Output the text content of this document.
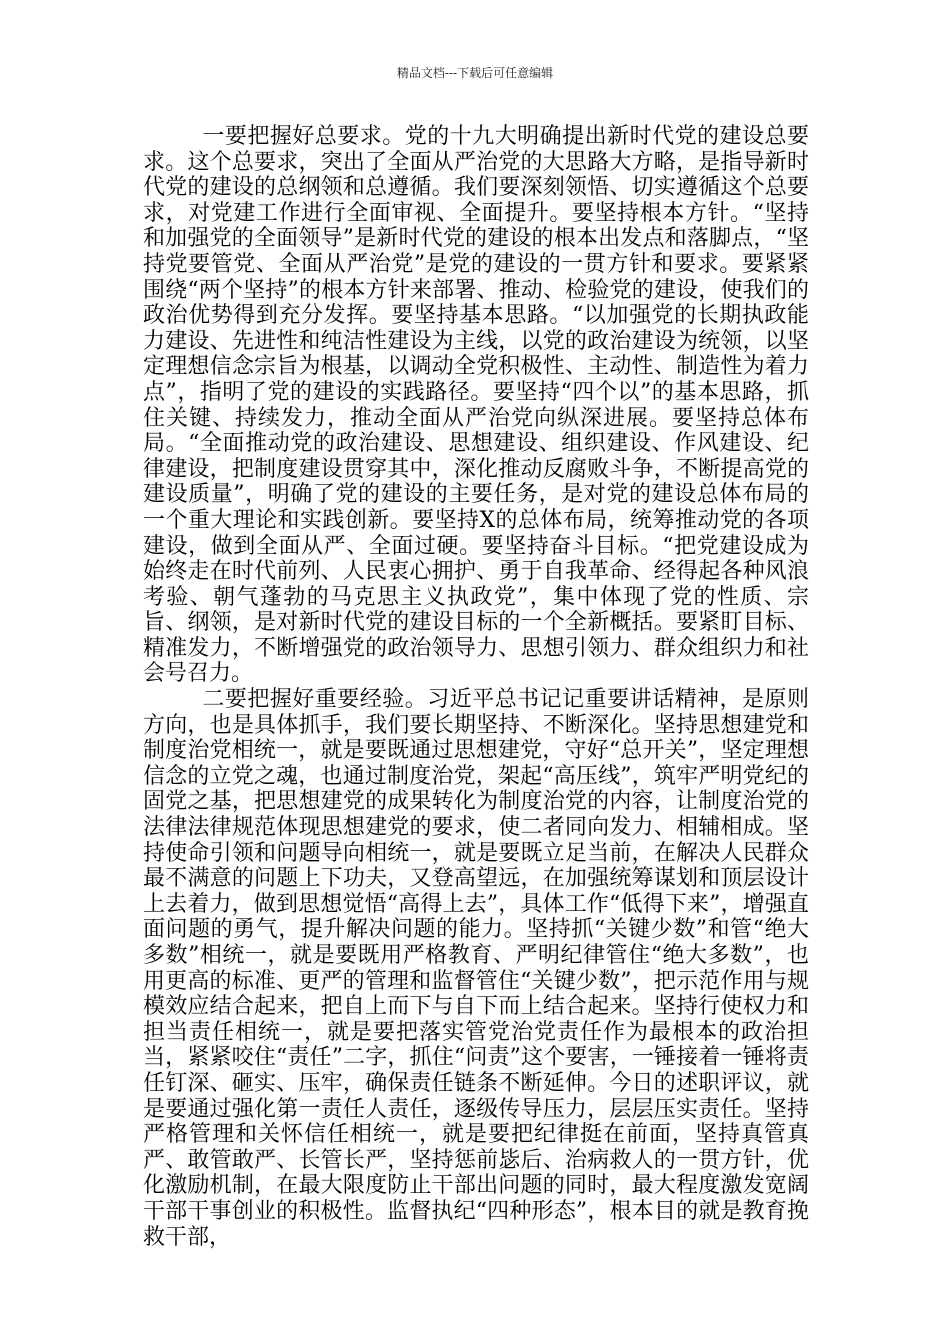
精品文档---下载后可任意编辑

一要把握好总要求。党的十九大明确提出新时代党的建设总要求。这个总要求，突出了全面从严治党的大思路大方略，是指导新时代党的建设的总纲领和总遵循。我们要深刻领悟、切实遵循这个总要求，对党建工作进行全面审视、全面提升。要坚持根本方针。“坚持和加强党的全面领导”是新时代党的建设的根本出发点和落脚点，“坚持党要管党、全面从严治党”是党的建设的一贯方针和要求。要紧紧围绕“两个坚持”的根本方针来部署、推动、检验党的建设，使我们的政治优势得到充分发挥。要坚持基本思路。“以加强党的长期执政能力建设、先进性和纯洁性建设为主线，以党的政治建设为统领，以坚定理想信念宗旨为根基，以调动全党积极性、主动性、制造性为着力点”，指明了党的建设的实践路径。要坚持“四个以”的基本思路，抓住关键、持续发力，推动全面从严治党向纵深进展。要坚持总体布局。“全面推动党的政治建设、思想建设、组织建设、作风建设、纪律建设，把制度建设贯穿其中，深化推动反腐败斗争，不断提高党的建设质量”，明确了党的建设的主要任务，是对党的建设总体布局的一个重大理论和实践创新。要坚持X的总体布局，统筹推动党的各项建设，做到全面从严、全面过硬。要坚持奋斗目标。“把党建设成为始终走在时代前列、人民衷心拥护、勇于自我革命、经得起各种风浪考验、朝气蓬勃的马克思主义执政党”，集中体现了党的性质、宗旨、纲领，是对新时代党的建设目标的一个全新概括。要紧盯目标、精准发力，不断增强党的政治领导力、思想引领力、群众组织力和社会号召力。

二要把握好重要经验。习近平总书记记重要讲话精神，是原则方向，也是具体抓手，我们要长期坚持、不断深化。坚持思想建党和制度治党相统一，就是要既通过思想建党，守好“总开关”，坚定理想信念的立党之魂，也通过制度治党，架起“高压线”，筑牢严明党纪的固党之基，把思想建党的成果转化为制度治党的内容，让制度治党的法律法律规范体现思想建党的要求，使二者同向发力、相辅相成。坚持使命引领和问题导向相统一，就是要既立足当前，在解决人民群众最不满意的问题上下功夫，又登高望远，在加强统筹谋划和顶层设计上去着力，做到思想觉悟“高得上去”，具体工作“低得下来”，增强直面问题的勇气，提升解决问题的能力。坚持抓“关键少数”和管“绝大多数”相统一，就是要既用严格教育、严明纪律管住“绝大多数”，也用更高的标准、更严的管理和监督管住“关键少数”，把示范作用与规模效应结合起来，把自上而下与自下而上结合起来。坚持行使权力和担当责任相统一，就是要把落实管党治党责任作为最根本的政治担当，紧紧咬住“责任”二字，抓住“问责”这个要害，一锤接着一锤将责任钉深、砸实、压牢，确保责任链条不断延伸。今日的述职评议，就是要通过强化第一责任人责任，逐级传导压力，层层压实责任。坚持严格管理和关怀信任相统一，就是要把纪律挺在前面，坚持真管真严、敢管敢严、长管长严，坚持惩前毖后、治病救人的一贯方针，优化激励机制，在最大限度防止干部出问题的同时，最大程度激发宽阔干部干事创业的积极性。监督执纪“四种形态”，根本目的就是教育挽救干部，
